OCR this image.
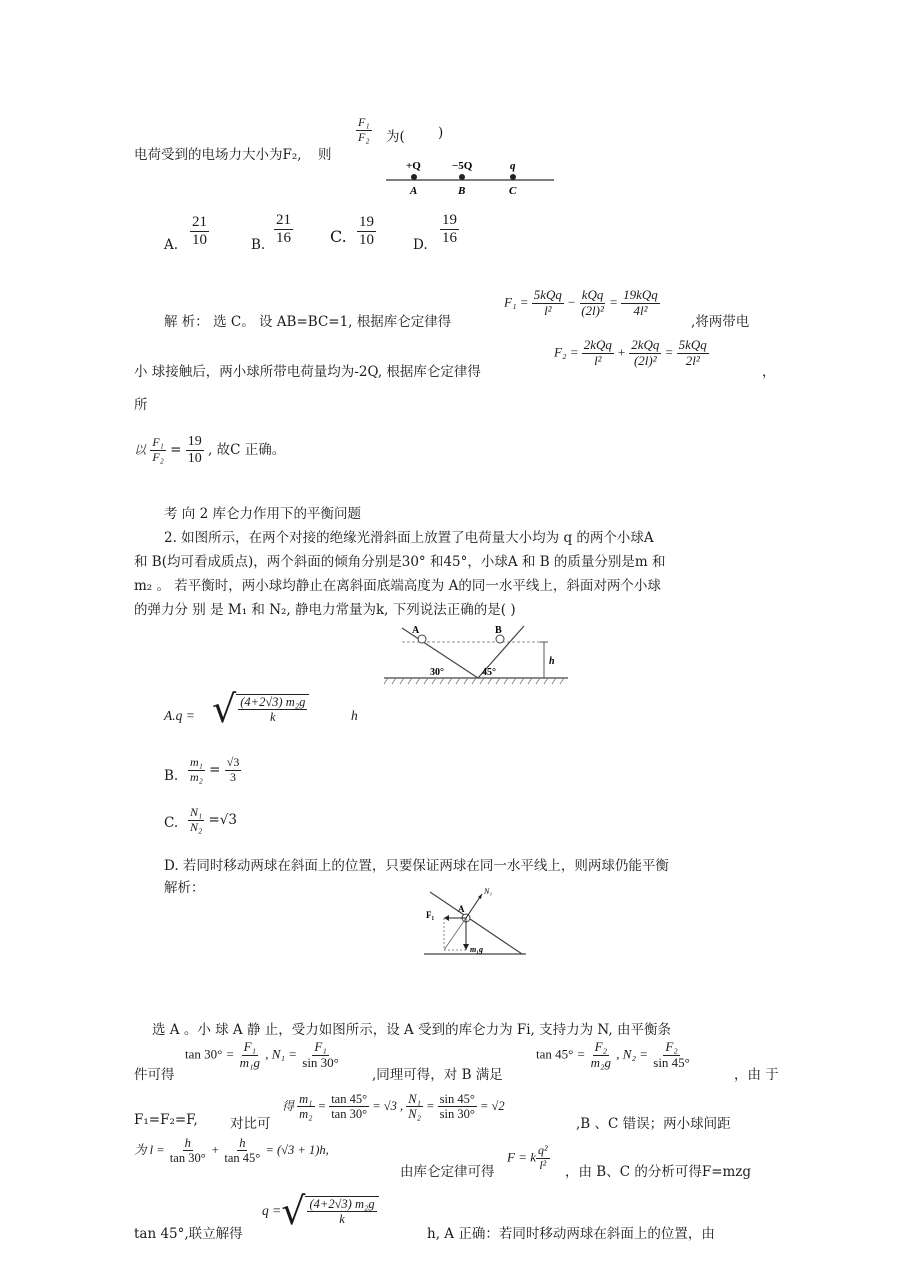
电荷受到的电场力大小为F₂, 则
$\frac{\text{F₁}}{\text{F₂}}$ 为( )
+Q	−5Q	q
A	B	C
A. $\frac{21}{10}$	B. $\frac{21}{16} C$. $\frac{19}{10}$	D. $\frac{19}{16}$
解 析： 选 C。 设 AB=BC=1, 根据库仑定律得
$F_1 = \frac{\text{5kQq}}{\text{l²}} - \frac{\text{kQq}}{\text{(2l)²}} = \frac{\text{19kQq}}{\text{4l²}}$
,将两带电
小 球接触后，两小球所带电荷量均为-2Q, 根据库仑定律得
$F_2 = \frac{\text{2kQq}}{\text{l²}} + \frac{\text{2kQq}}{\text{(2l)²}} = \frac{\text{5kQq}}{\text{2l²}}$
，
所
以 $\frac{\text{F₁}}{\text{F₂}} = \frac{19}{10}$ , 故C 正确。
考 向 2 库仑力作用下的平衡问题
2. 如图所示，在两个对接的绝缘光滑斜面上放置了电荷量大小均为 q 的两个小球A
和 B(均可看成质点)，两个斜面的倾角分别是30° 和45°，小球A 和 B 的质量分别是m 和
m₂ 。 若平衡时，两小球均静止在离斜面底端高度为 A的同一水平线上，斜面对两个小球
的弹力分 别 是 M₁ 和 N₂, 静电力常量为k, 下列说法正确的是( )
A	B
30°	45°
h
A.q = √ $\frac{\text{(4+2√3) m₂g}}{k}$	h
B. $\frac{\text{m₁}}{\text{m₂}} = \frac{√3}{3}$
C. $\frac{\text{N₁}}{\text{N₂}} =√3$
D. 若同时移动两球在斜面上的位置，只要保证两球在同一水平线上，则两球仍能平衡
解析：
F₁
A
N₁
m₁g
选 A 。小 球 A 静 止，受力如图所示，设 A 受到的库仑力为 Fi, 支持力为 N, 由平衡条
件可得
$\tan 30^\circ = \frac{\text{F₁}}{\text{m₁g}}$ , $N_1 = \frac{\text{F₁}}{\sin 30^\circ}$
,同理可得，对 B 满足
$\tan 45^\circ = \frac{\text{F₂}}{\text{m₂g}}$ , $N_2 = \frac{\text{F₂}}{\sin 45^\circ}$
，由 于
F₁=F₂=F, 对比可
得 $\frac{\text{m₁}}{\text{m₂}} = \frac{\tan 45^\circ}{\tan 30^\circ} = √3$ , $\frac{\text{N₁}}{\text{N₂}} = \frac{\sin 45^\circ}{\sin 30^\circ} = √2$
,B 、C 错误；两小球间距
为 $l = \frac{h}{\tan 30^\circ} + \frac{h}{\tan 45^\circ} = (√3 + 1)h$,
由库仑定律可得
F = k $\frac{\text{q²}}{\text{l²}}$ ，由 B、C 的分析可得F=mzg
tan 45°,联立解得
q =√ $\frac{\text{(4+2√3) m₂g}}{k}$
h, A 正确：若同时移动两球在斜面上的位置，由
